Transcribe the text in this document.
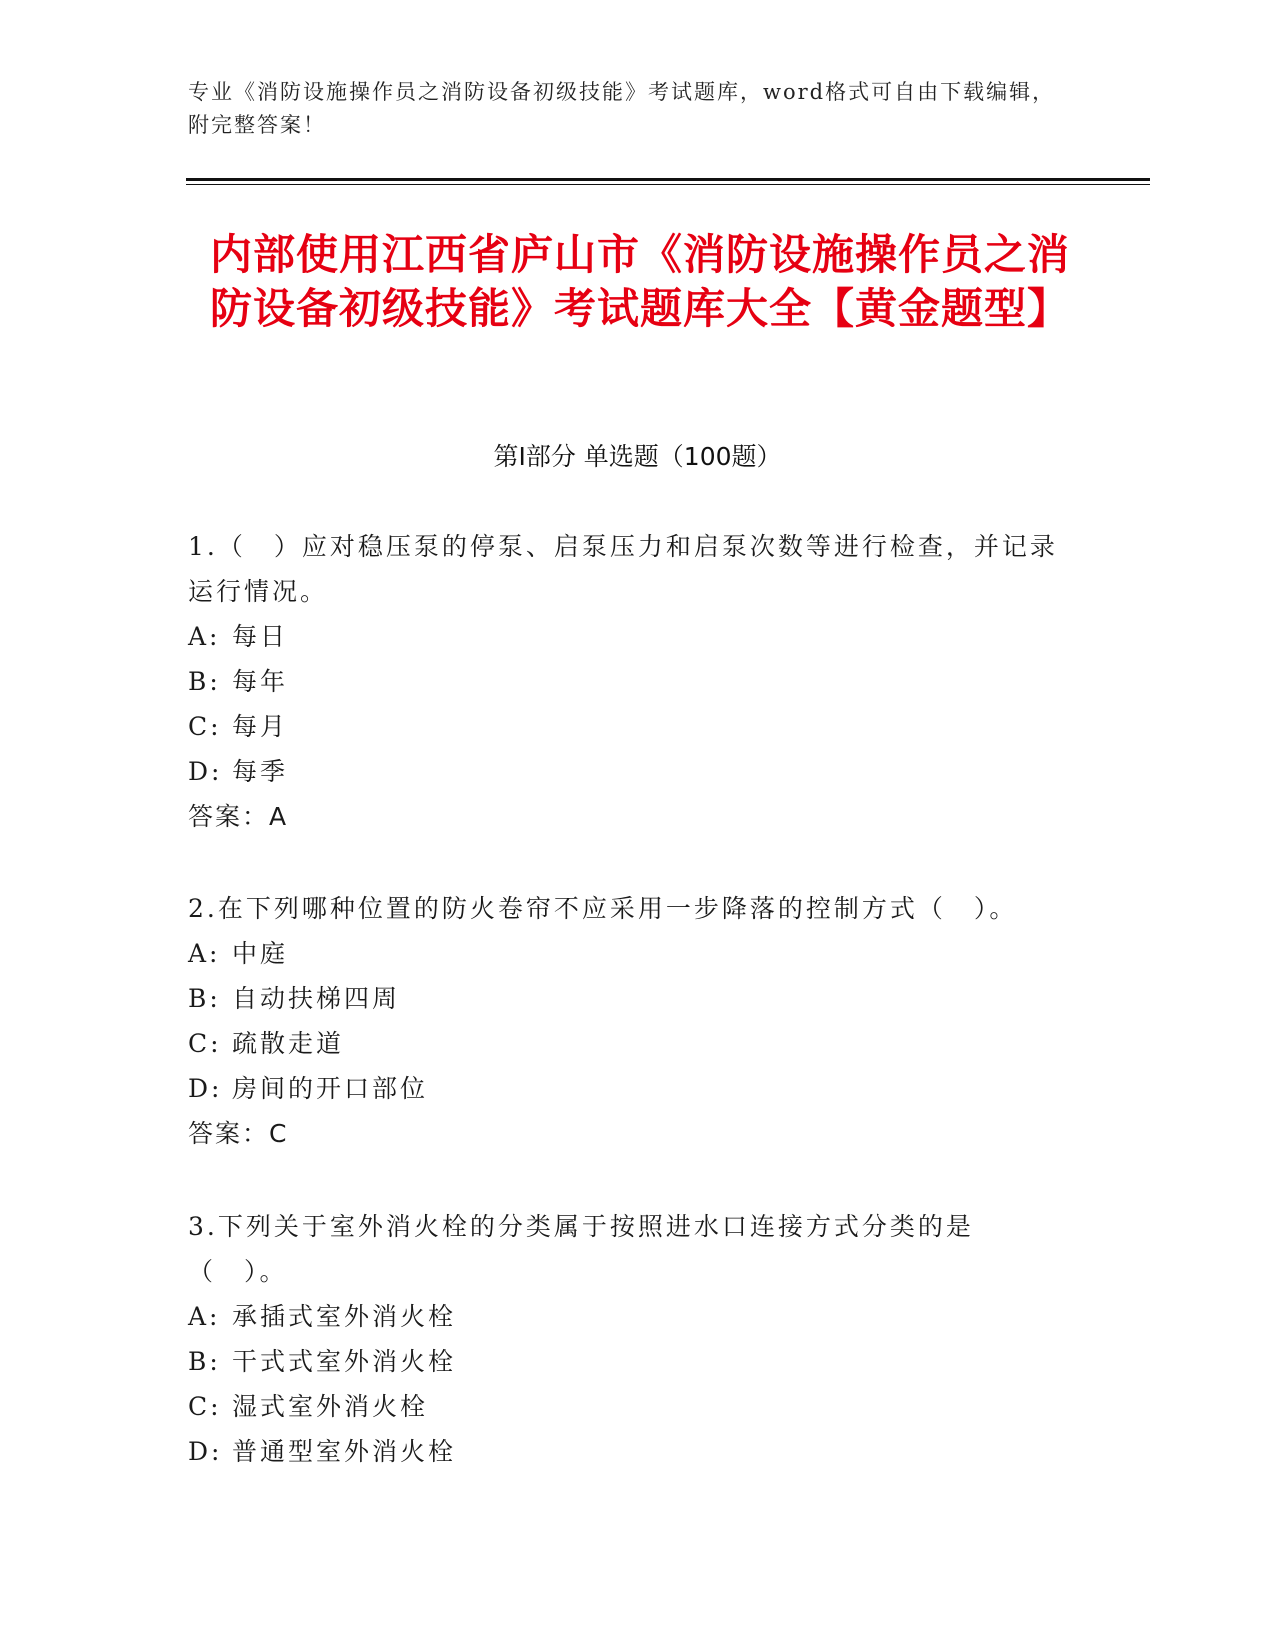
专业《消防设施操作员之消防设备初级技能》考试题库，word格式可自由下载编辑，附完整答案！
内部使用江西省庐山市《消防设施操作员之消防设备初级技能》考试题库大全【黄金题型】
第I部分 单选题（100题）
1.（　）应对稳压泵的停泵、启泵压力和启泵次数等进行检查，并记录运行情况。
A: 每日
B: 每年
C: 每月
D: 每季
答案：A
2.在下列哪种位置的防火卷帘不应采用一步降落的控制方式（　）。
A: 中庭
B: 自动扶梯四周
C: 疏散走道
D: 房间的开口部位
答案：C
3.下列关于室外消火栓的分类属于按照进水口连接方式分类的是（　）。
A: 承插式室外消火栓
B: 干式式室外消火栓
C: 湿式室外消火栓
D: 普通型室外消火栓
